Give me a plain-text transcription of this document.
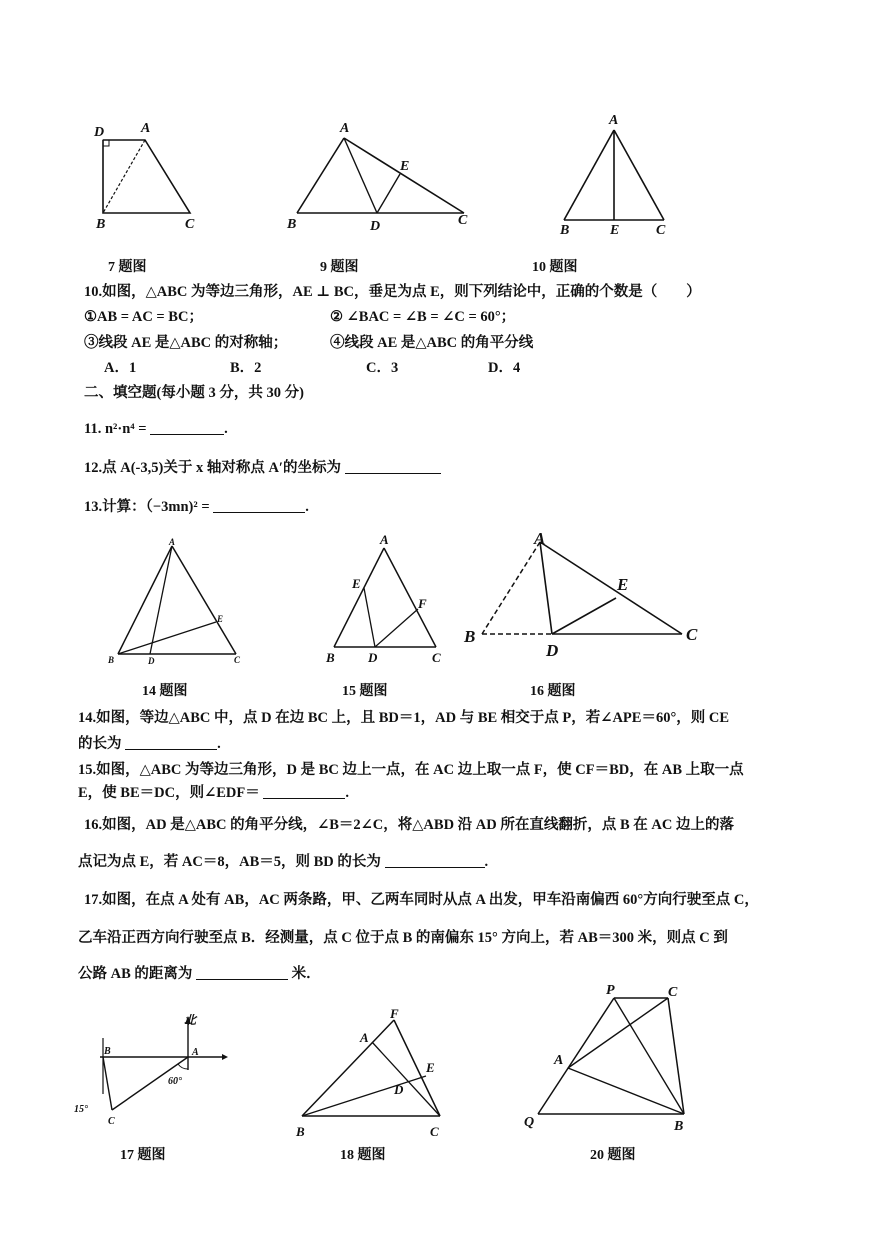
D	A
B	C
7 题图
A
E
B	D	C
9 题图
A
B	E	C
10 题图
10.如图，△ABC 为等边三角形，AE ⊥ BC，垂足为点 E，则下列结论中，正确的个数是（　　）
①AB = AC = BC；	② ∠BAC = ∠B = ∠C = 60°；
③线段 AE 是△ABC 的对称轴；	④线段 AE 是△ABC 的角平分线
A．1	B．2	C．3	D．4
二、填空题(每小题 3 分，共 30 分)
11. n²·n⁴ =	.
12.点 A(-3,5)关于 x 轴对称点 A′的坐标为
13.计算：（−3mn)² =	.
A
E
B	D	C
14 题图
A
E
F
B	D	C
15 题图
A
E
B
D
C
16 题图
14.如图，等边△ABC 中，点 D 在边 BC 上，且 BD＝1，AD 与 BE 相交于点 P，若∠APE＝60°，则 CE
的长为	.
15.如图，△ABC 为等边三角形，D 是 BC 边上一点，在 AC 边上取一点 F，使 CF＝BD，在 AB 上取一点
E，使 BE＝DC，则∠EDF＝	.
16.如图，AD 是△ABC 的角平分线，∠B＝2∠C，将△ABD 沿 AD 所在直线翻折，点 B 在 AC 边上的落
点记为点 E，若 AC＝8，AB＝5，则 BD 的长为	.
17.如图，在点 A 处有 AB，AC 两条路，甲、乙两车同时从点 A 出发，甲车沿南偏西 60°方向行驶至点 C，
乙车沿正西方向行驶至点 B．经测量，点 C 位于点 B 的南偏东 15° 方向上，若 AB＝300 米，则点 C 到
公路 AB 的距离为	米．
北
B	A
60°
15°
C
17 题图
F
A
E
D
B	C
18 题图
P	C
A
Q	B
20 题图
